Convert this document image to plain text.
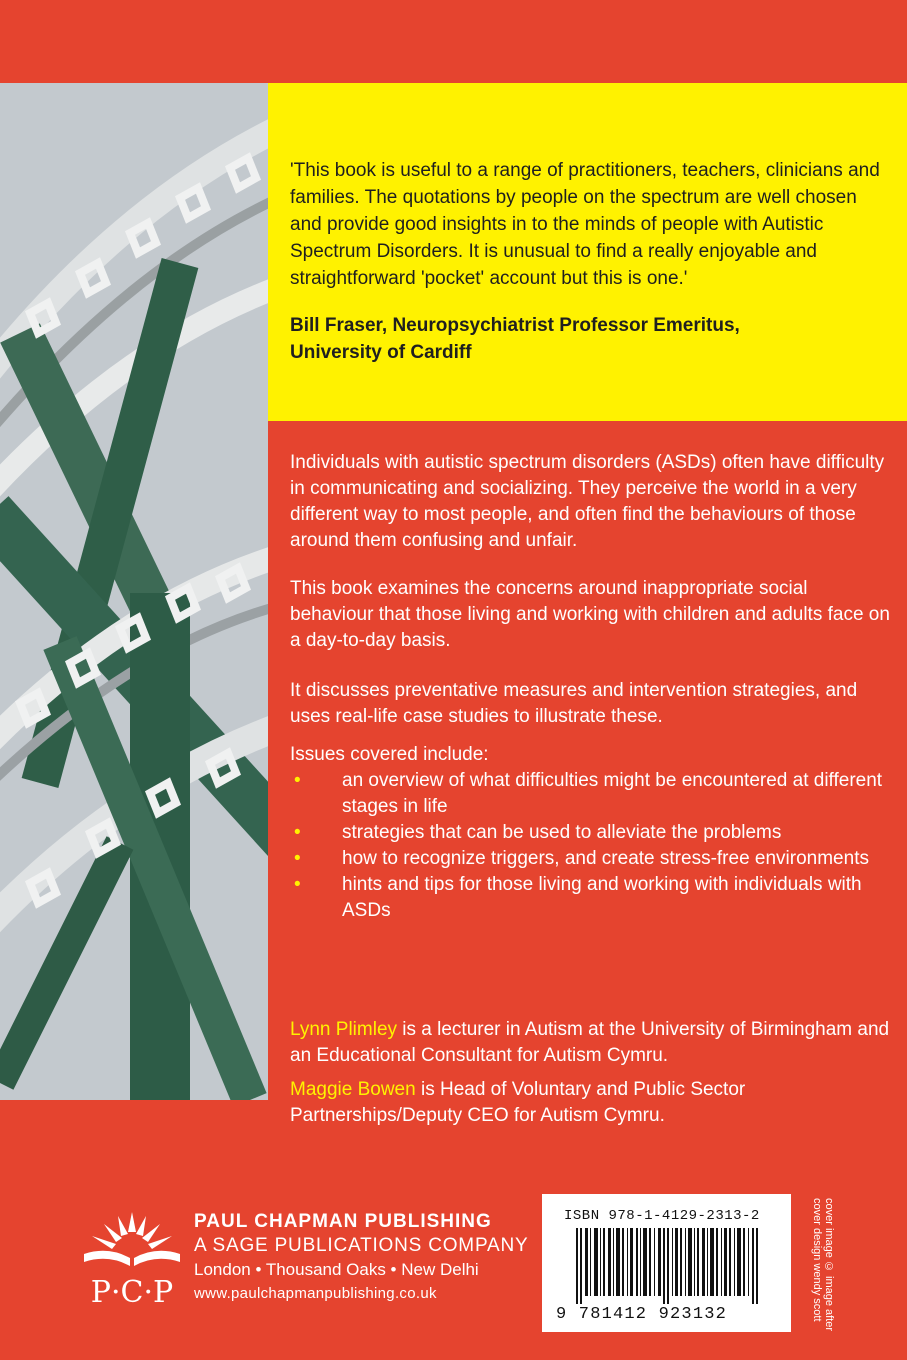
'This book is useful to a range of practitioners, teachers, clinicians and families. The quotations by people on the spectrum are well chosen and provide good insights in to the minds of people with Autistic Spectrum Disorders. It is unusual to find a really enjoyable and straightforward 'pocket' account but this is one.'

Bill Fraser, Neuropsychiatrist Professor Emeritus,
University of Cardiff

Individuals with autistic spectrum disorders (ASDs) often have difficulty in communicating and socializing. They perceive the world in a very different way to most people, and often find the behaviours of those around them confusing and unfair.

This book examines the concerns around inappropriate social behaviour that those living and working with children and adults face on a day-to-day basis.

It discusses preventative measures and intervention strategies, and uses real-life case studies to illustrate these.

Issues covered include:

• an overview of what difficulties might be encountered at different stages in life
• strategies that can be used to alleviate the problems
• how to recognize triggers, and create stress-free environments
• hints and tips for those living and working with individuals with ASDs

Lynn Plimley is a lecturer in Autism at the University of Birmingham and an Educational Consultant for Autism Cymru.

Maggie Bowen is Head of Voluntary and Public Sector Partnerships/Deputy CEO for Autism Cymru.

P·C·P
PAUL CHAPMAN PUBLISHING
A SAGE PUBLICATIONS COMPANY
London • Thousand Oaks • New Delhi
www.paulchapmanpublishing.co.uk
ISBN 978-1-4129-2313-2
9 781412 923132	cover image © image after
cover design wendy scott
